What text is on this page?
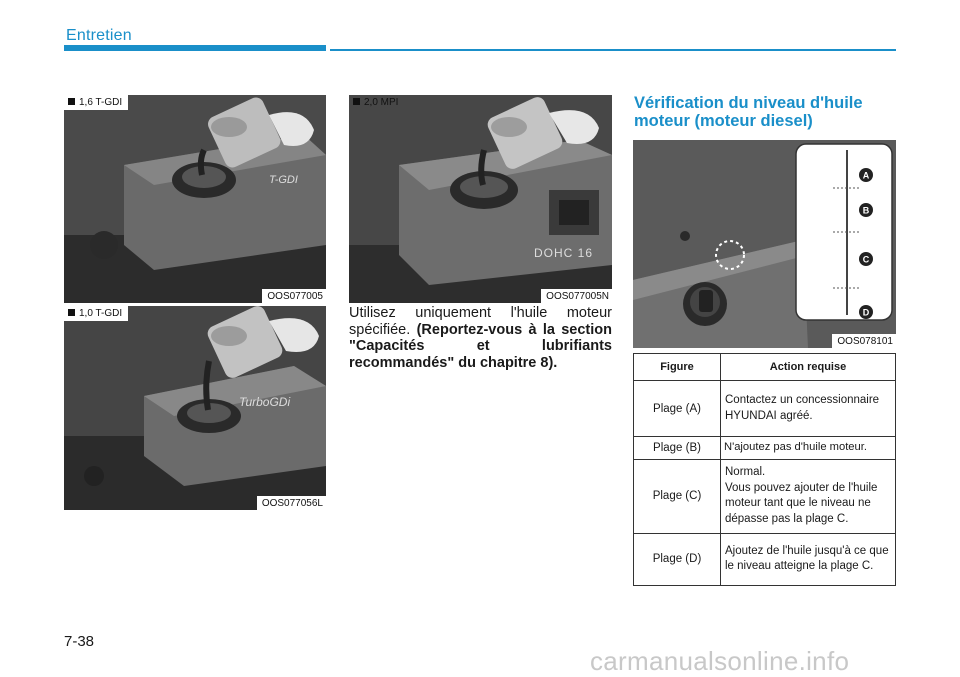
Entretien
T-GDI
1,6 T-GDI
OOS077005
TurboGDi
1,0 T-GDI
OOS077056L
DOHC 16
2,0 MPI
OOS077005N
Utilisez uniquement l'huile moteur spécifiée. (Reportez-vous à la section "Capacités et lubrifiants recommandés" du chapitre 8).
Vérification du niveau d'huile moteur (moteur diesel)
A
B
C
D
OOS078101
Figure	Action requise
Plage (A)	Contactez un concessionnaire HYUNDAI agréé.
Plage (B)	N'ajoutez pas d'huile moteur.
Plage (C)	Normal.
Vous pouvez ajouter de l'huile moteur tant que le niveau ne dépasse pas la plage C.
Plage (D)	Ajoutez de l'huile jusqu'à ce que le niveau atteigne la plage C.
7-38
carmanualsonline.info
